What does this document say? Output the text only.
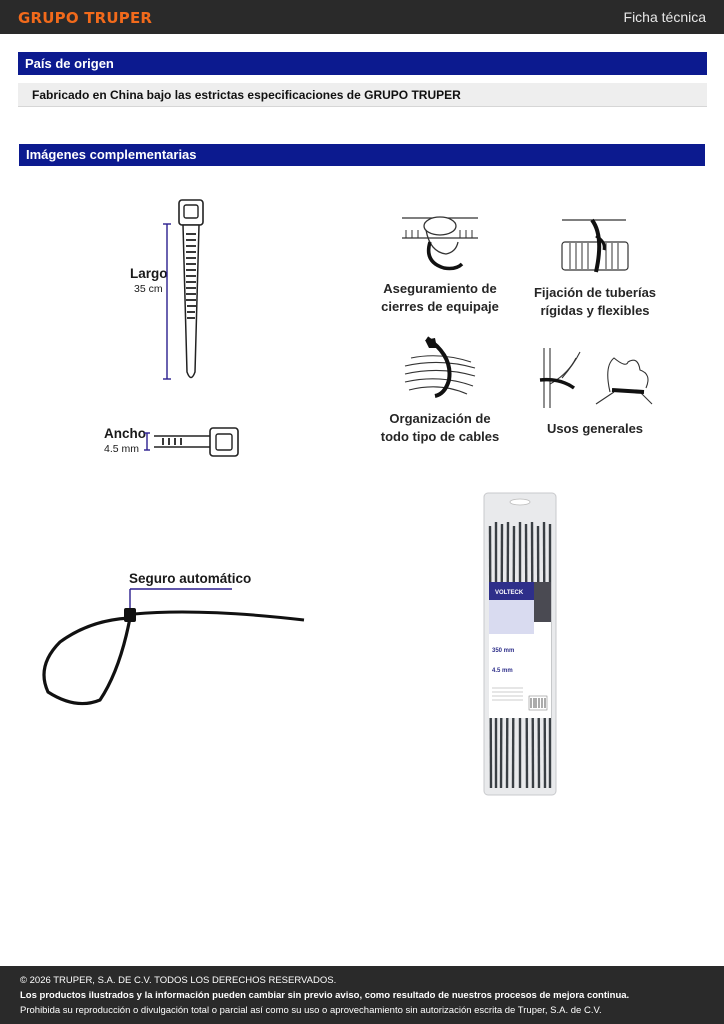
GRUPO TRUPER	Ficha técnica
País de origen
Fabricado en China bajo las estrictas especificaciones de GRUPO TRUPER
Imágenes complementarias
Largo
35 cm
Ancho
4.5 mm
Aseguramiento de
cierres de equipaje
Fijación de tuberías
rígidas y flexibles
Organización de
todo tipo de cables
Usos generales
Seguro automático
VOLTECK
350 mm
4.5 mm
© 2026 TRUPER, S.A. DE C.V. TODOS LOS DERECHOS RESERVADOS.
Los productos ilustrados y la información pueden cambiar sin previo aviso, como resultado de nuestros procesos de mejora continua.
Prohibida su reproducción o divulgación total o parcial así como su uso o aprovechamiento sin autorización escrita de Truper, S.A. de C.V.
